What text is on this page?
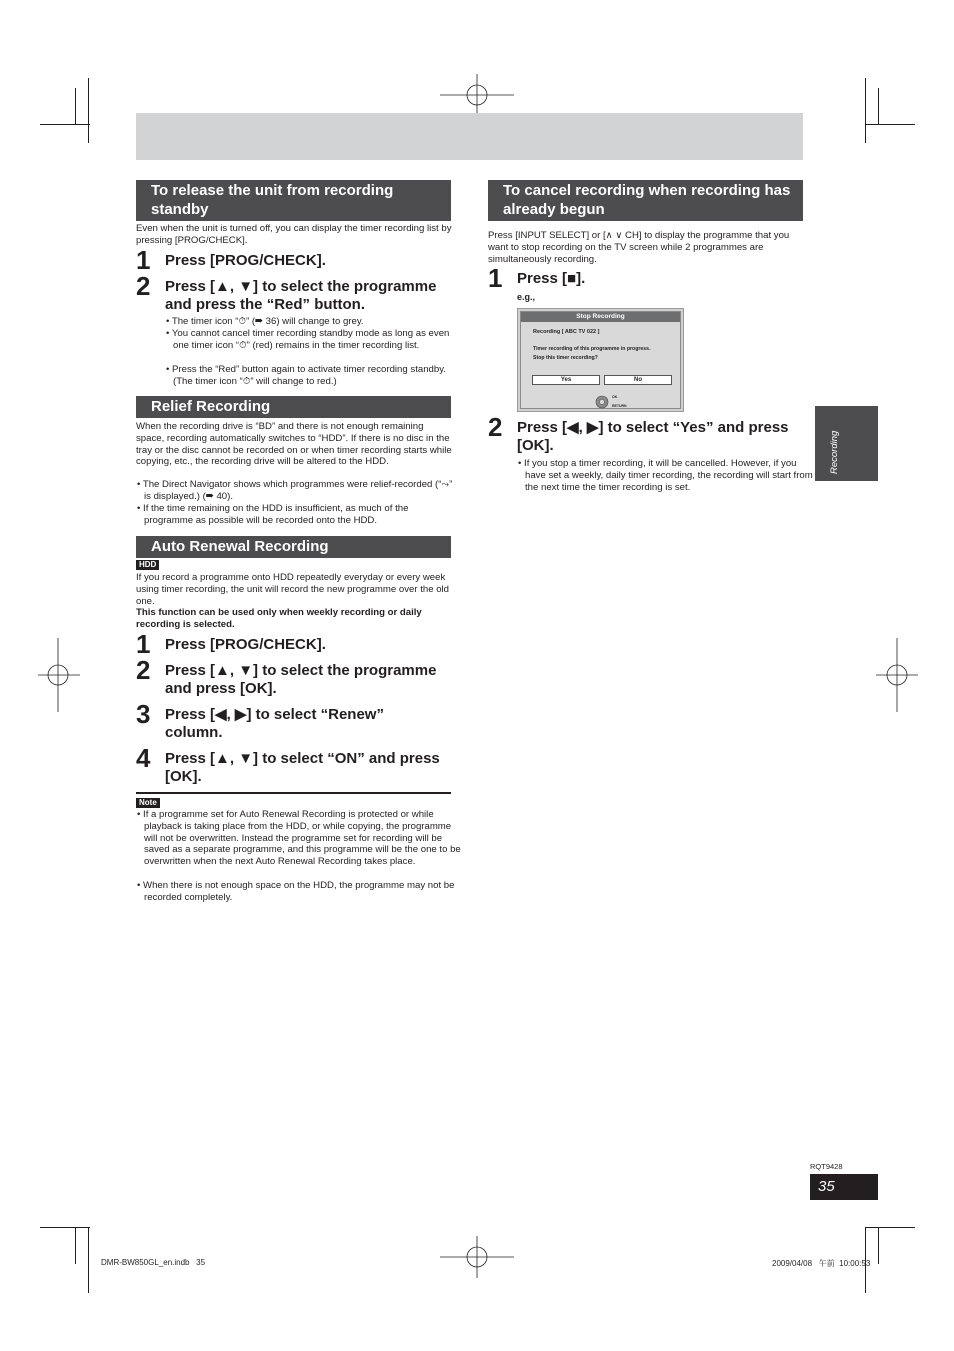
To release the unit from recording standby
Even when the unit is turned off, you can display the timer recording list by pressing [PROG/CHECK].
1 Press [PROG/CHECK].
2 Press [▲, ▼] to select the programme and press the “Red” button.
• The timer icon “⏱” (➡ 36) will change to grey.
• You cannot cancel timer recording standby mode as long as even one timer icon “⏱” (red) remains in the timer recording list.
• Press the “Red” button again to activate timer recording standby. (The timer icon “⏱” will change to red.)
Relief Recording
When the recording drive is “BD” and there is not enough remaining space, recording automatically switches to “HDD”. If there is no disc in the tray or the disc cannot be recorded on or when timer recording starts while copying, etc., the recording drive will be altered to the HDD.
• The Direct Navigator shows which programmes were relief-recorded (“⤳” is displayed.) (➡ 40).
• If the time remaining on the HDD is insufficient, as much of the programme as possible will be recorded onto the HDD.
Auto Renewal Recording
HDD
If you record a programme onto HDD repeatedly everyday or every week using timer recording, the unit will record the new programme over the old one.
This function can be used only when weekly recording or daily recording is selected.
1 Press [PROG/CHECK].
2 Press [▲, ▼] to select the programme and press [OK].
3 Press [◀, ▶] to select “Renew” column.
4 Press [▲, ▼] to select “ON” and press [OK].
Note
• If a programme set for Auto Renewal Recording is protected or while playback is taking place from the HDD, or while copying, the programme will not be overwritten. Instead the programme set for recording will be saved as a separate programme, and this programme will be the one to be overwritten when the next Auto Renewal Recording takes place.
• When there is not enough space on the HDD, the programme may not be recorded completely.
To cancel recording when recording has already begun
Press [INPUT SELECT] or [∧ ∨ CH] to display the programme that you want to stop recording on the TV screen while 2 programmes are simultaneously recording.
1 Press [■].
e.g.,
Stop Recording
Recording [ ABC TV 022 ]
Timer recording of this programme in progress.
Stop this timer recording?
Yes	No
OK
RETURN
2 Press [◀, ▶] to select “Yes” and press [OK].
• If you stop a timer recording, it will be cancelled. However, if you have set a weekly, daily timer recording, the recording will start from the next time the timer recording is set.
Recording
RQT9428
35
DMR-BW850GL_en.indb   35	2009/04/08   午前  10:00:53
